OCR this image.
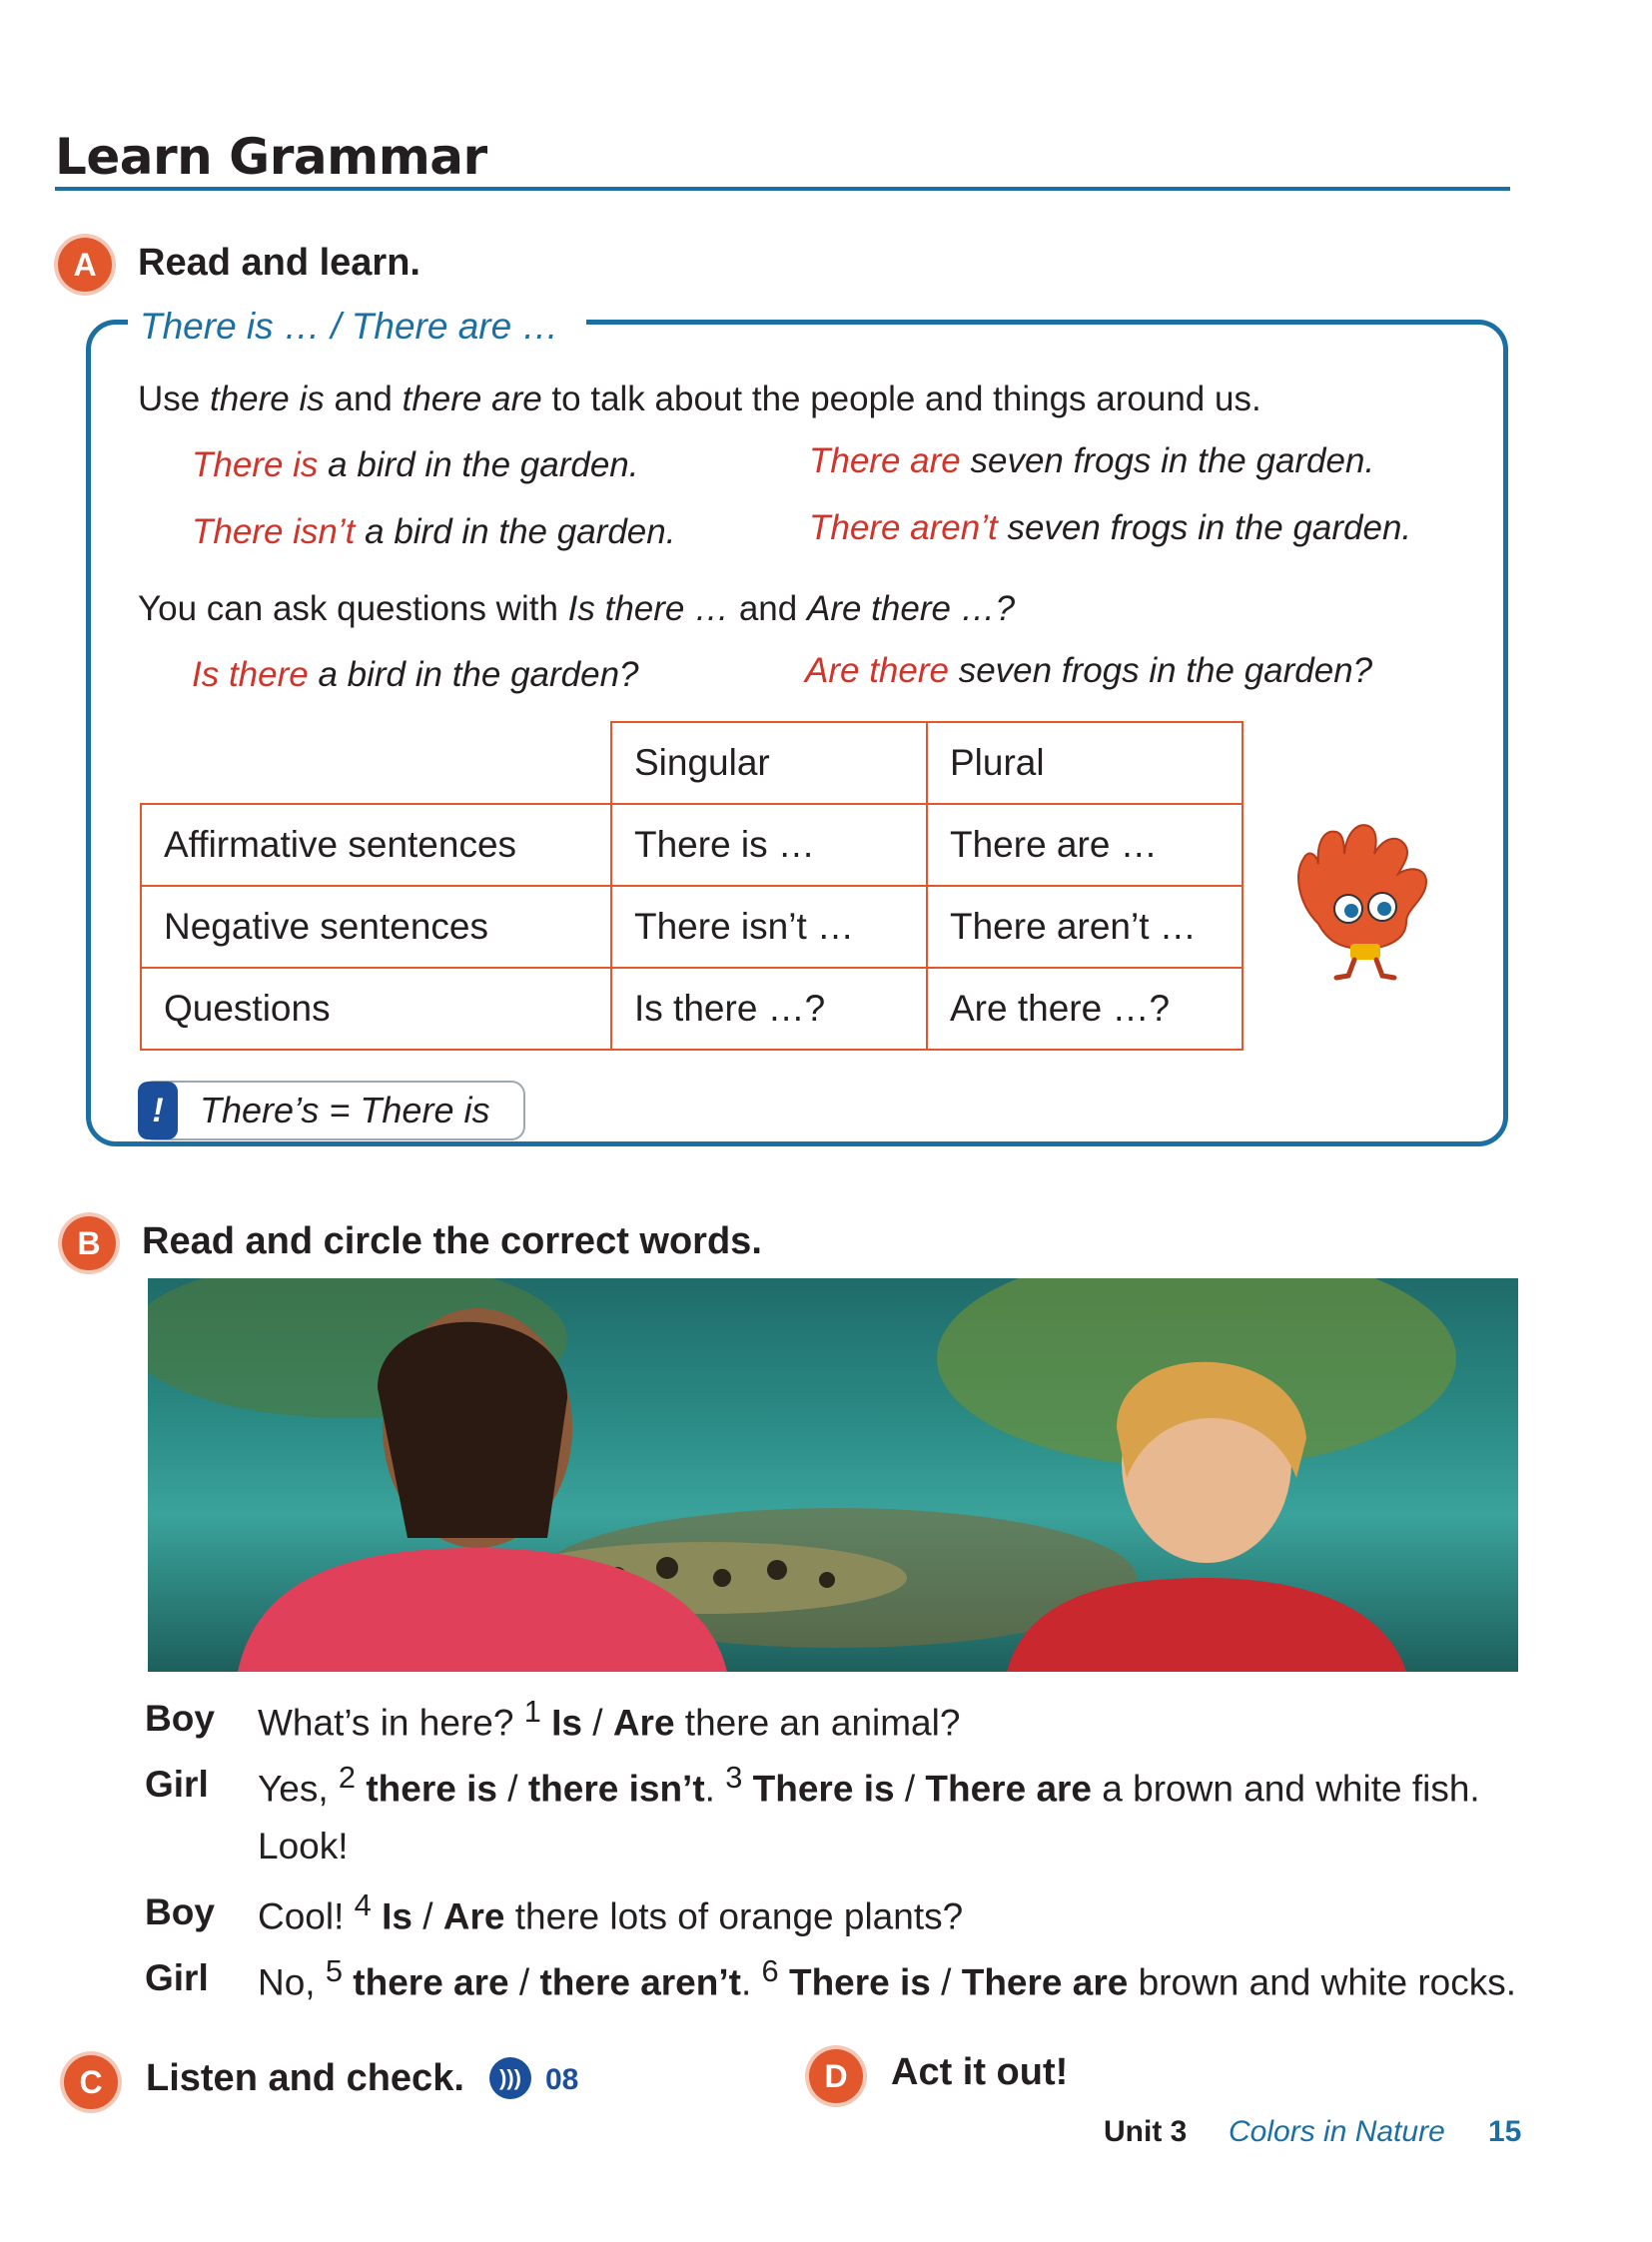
Learn Grammar
A	Read and learn.
There is … / There are …
Use there is and there are to talk about the people and things around us.
There is a bird in the garden.	There are seven frogs in the garden.
There isn’t a bird in the garden.	There aren’t seven frogs in the garden.
You can ask questions with Is there … and Are there …?
Is there a bird in the garden?	Are there seven frogs in the garden?
	Singular	Plural
Affirmative sentences	There is …	There are …
Negative sentences	There isn’t …	There aren’t …
Questions	Is there …?	Are there …?
!	There’s = There is
B	Read and circle the correct words.
Boy What’s in here? $^1$ Is / Are there an animal?
Girl Yes, $^2$ there is / there isn’t. $^3$ There is / There are a brown and white fish.
Look!
Boy Cool! $^4$ Is / Are there lots of orange plants?
Girl No, $^5$ there are / there aren’t. $^6$ There is / There are brown and white rocks.
C	Listen and check.	))) 08	D	Act it out!
Unit 3 Colors in Nature 15
